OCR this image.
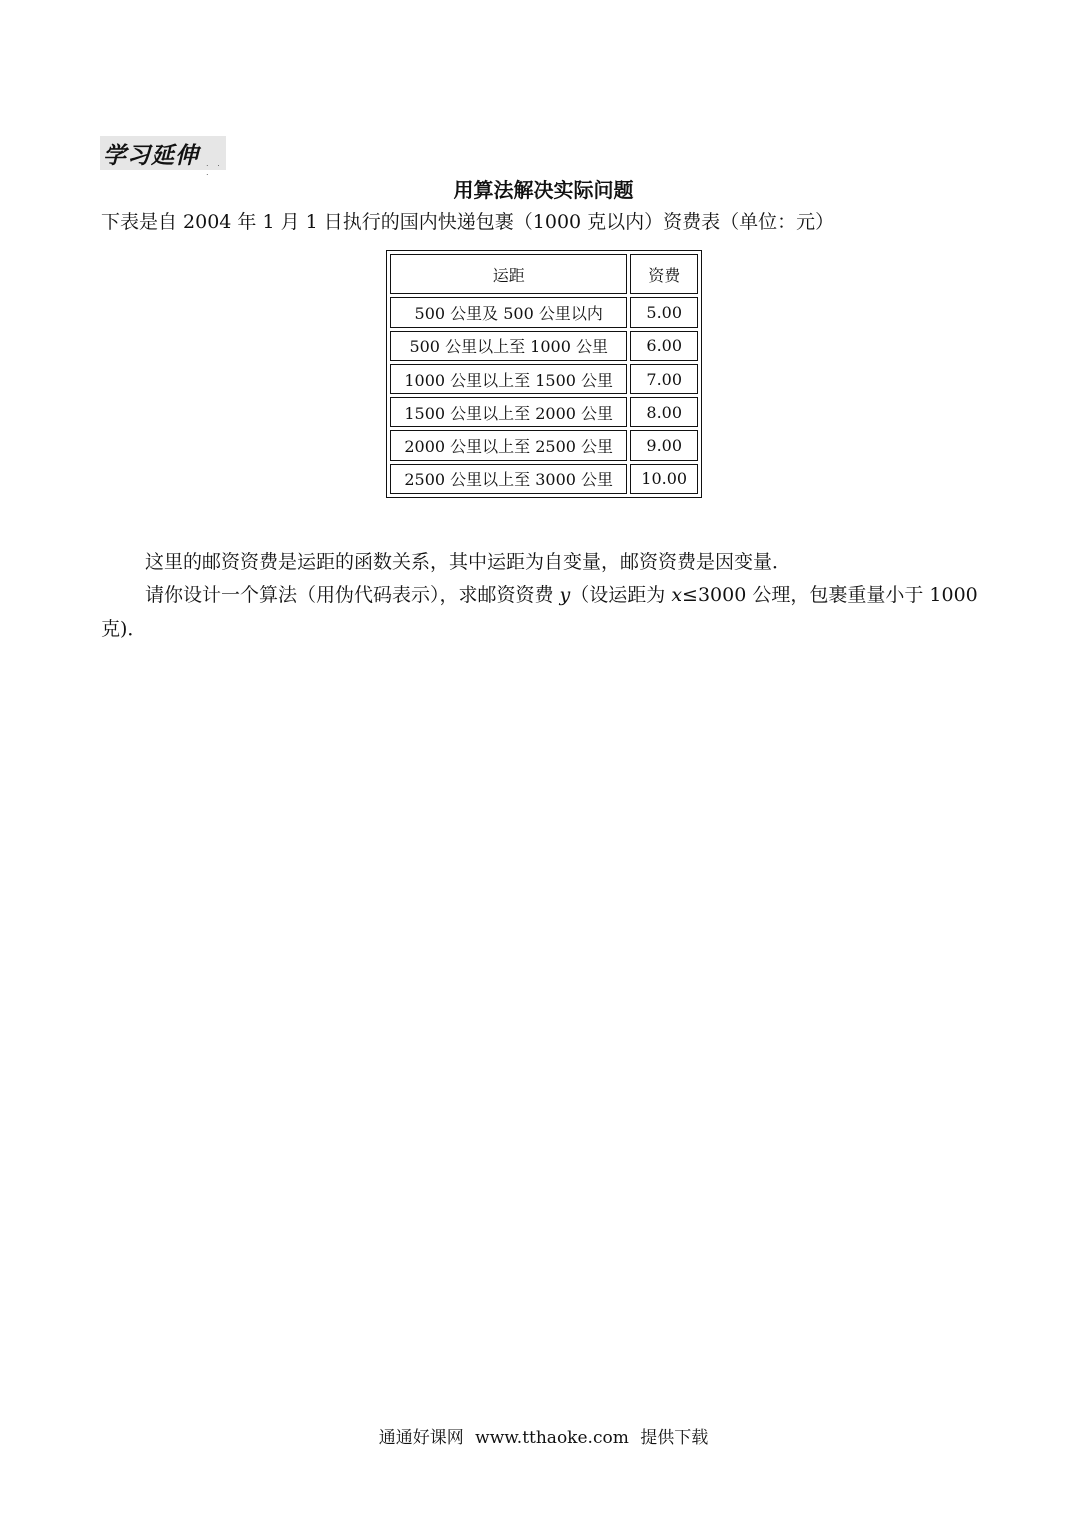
学习延伸 . . .
用算法解决实际问题
下表是自 2004 年 1 月 1 日执行的国内快递包裹（1000 克以内）资费表（单位：元）
运距	资费
500 公里及 500 公里以内	5.00
500 公里以上至 1000 公里	6.00
1000 公里以上至 1500 公里	7.00
1500 公里以上至 2000 公里	8.00
2000 公里以上至 2500 公里	9.00
2500 公里以上至 3000 公里	10.00
这里的邮资资费是运距的函数关系，其中运距为自变量，邮资资费是因变量．
请你设计一个算法（用伪代码表示），求邮资资费 y（设运距为 x≤3000 公理，包裹重量小于 1000 克)．
通通好课网 www.tthaoke.com 提供下载
